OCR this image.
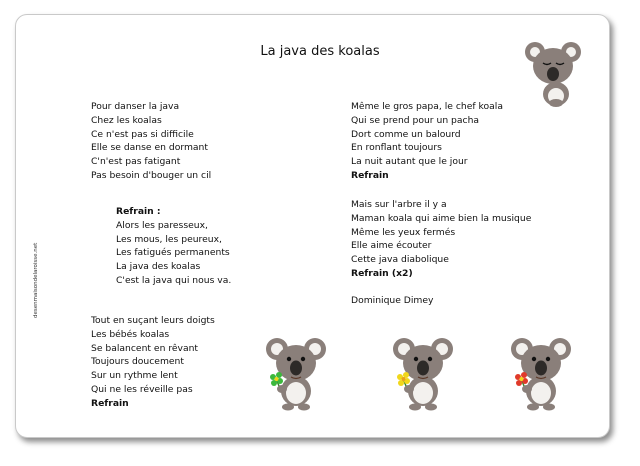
La java des koalas
desenmaisondelaroisse.net
Pour danser la java
Chez les koalas
Ce n'est pas si difficile
Elle se danse en dormant
C'n'est pas fatigant
Pas besoin d'bouger un cil
Refrain :
Alors les paresseux,
Les mous, les peureux,
Les fatigués permanents
La java des koalas
C'est la java qui nous va.
Tout en suçant leurs doigts
Les bébés koalas
Se balancent en rêvant
Toujours doucement
Sur un rythme lent
Qui ne les réveille pas
Refrain
Même le gros papa, le chef koala
Qui se prend pour un pacha
Dort comme un balourd
En ronflant toujours
La nuit autant que le jour
Refrain
Mais sur l'arbre il y a
Maman koala qui aime bien la musique
Même les yeux fermés
Elle aime écouter
Cette java diabolique
Refrain (x2)
Dominique Dimey
